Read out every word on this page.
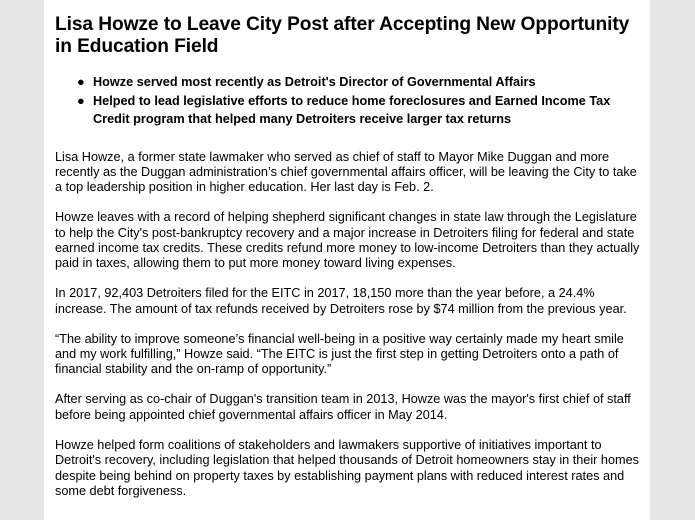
Lisa Howze to Leave City Post after Accepting New Opportunity in Education Field
● Howze served most recently as Detroit's Director of Governmental Affairs
● Helped to lead legislative efforts to reduce home foreclosures and Earned Income Tax Credit program that helped many Detroiters receive larger tax returns

Lisa Howze, a former state lawmaker who served as chief of staff to Mayor Mike Duggan and more recently as the Duggan administration’s chief governmental affairs officer, will be leaving the City to take a top leadership position in higher education. Her last day is Feb. 2.

Howze leaves with a record of helping shepherd significant changes in state law through the Legislature to help the City's post-bankruptcy recovery and a major increase in Detroiters filing for federal and state earned income tax credits. These credits refund more money to low-income Detroiters than they actually paid in taxes, allowing them to put more money toward living expenses.

In 2017, 92,403 Detroiters filed for the EITC in 2017, 18,150 more than the year before, a 24.4% increase. The amount of tax refunds received by Detroiters rose by $74 million from the previous year.

“The ability to improve someone’s financial well-being in a positive way certainly made my heart smile and my work fulfilling,” Howze said. “The EITC is just the first step in getting Detroiters onto a path of financial stability and the on-ramp of opportunity.”

After serving as co-chair of Duggan's transition team in 2013, Howze was the mayor's first chief of staff before being appointed chief governmental affairs officer in May 2014.

Howze helped form coalitions of stakeholders and lawmakers supportive of initiatives important to Detroit's recovery, including legislation that helped thousands of Detroit homeowners stay in their homes despite being behind on property taxes by establishing payment plans with reduced interest rates and some debt forgiveness.
